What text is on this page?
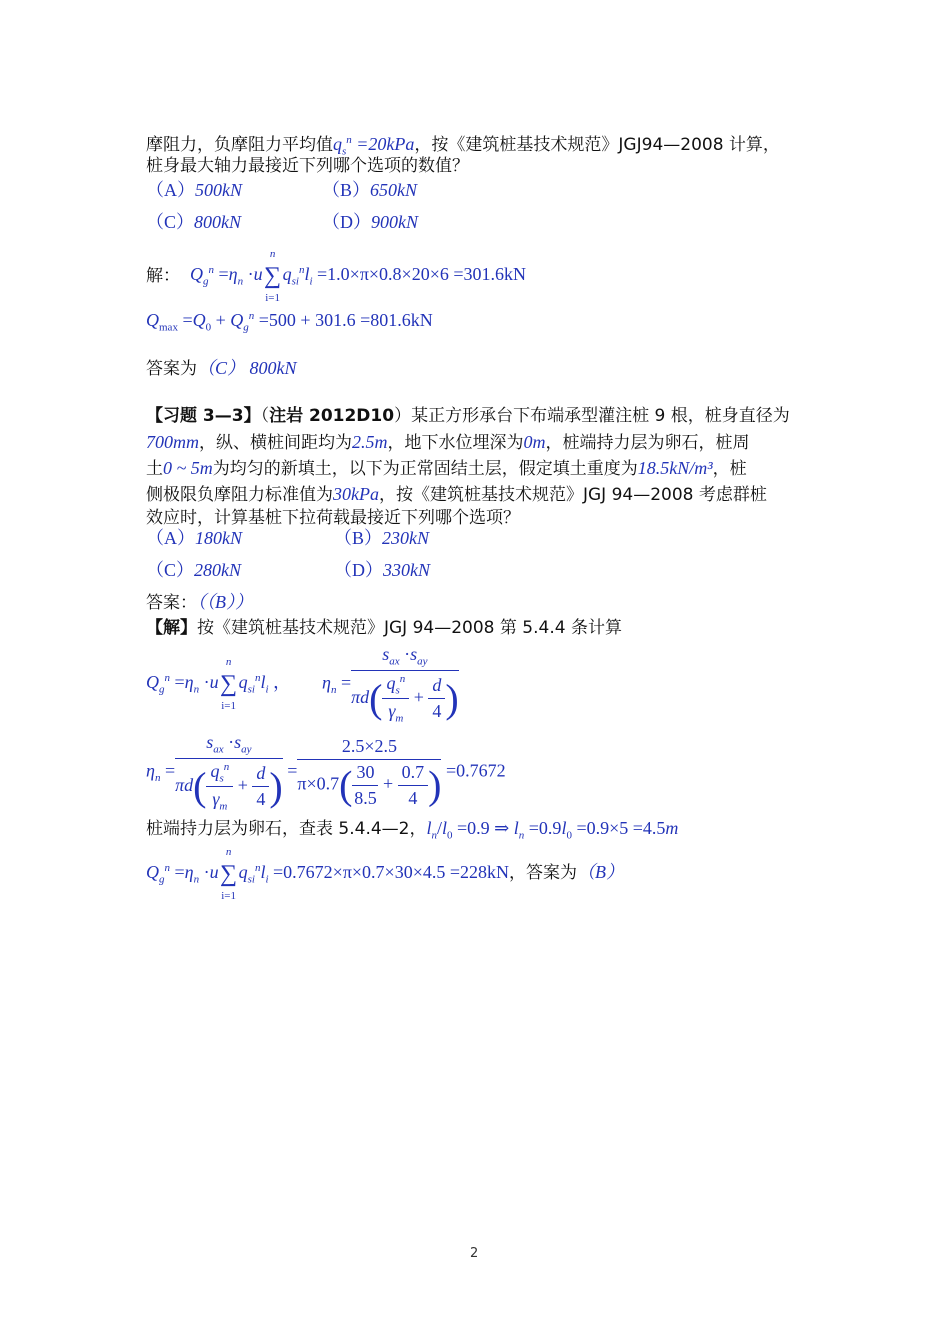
摩阻力，负摩阻力平均值$q_s^n =20kPa$，按《建筑桩基技术规范》JGJ94—2008 计算，
桩身最大轴力最接近下列哪个选项的数值？
（A）500kN	（B）650kN
（C）800kN	（D）900kN
解： $Q_g^n =\eta_n \cdot u$
n
∑
i=1
$q_{si}^nl_i =1.0\times\pi\times 0.8\times 20\times 6 =301.6kN$
$Q_{max} =Q_0 + Q_g^n =500 + 301.6 =801.6kN$
答案为（C） 800kN
【习题 3—3】（注岩 2012D10）某正方形承台下布端承型灌注桩 9 根，桩身直径为
700mm，纵、横桩间距均为2.5m，地下水位埋深为0m，桩端持力层为卵石，桩周
土0 ~ 5m为均匀的新填土，以下为正常固结土层，假定填土重度为18.5kN/m³，桩
侧极限负摩阻力标准值为30kPa，按《建筑桩基技术规范》JGJ 94—2008 考虑群桩
效应时，计算基桩下拉荷载最接近下列哪个选项？
（A）180kN	（B）230kN
（C）280kN	（D）330kN
答案：（（B））
【解】按《建筑桩基技术规范》JGJ 94—2008 第 5.4.4 条计算
$Q_g^n =\eta_n \cdot u$
n
∑
i=1
$q_{si}^nl_i$ ， $\eta_n = \frac{s_{ax} \cdot s_{ay}}{\pi d( \frac{q_s^n}{\gamma_m} + \frac{d}{4} )}$
$\eta_n = \frac{s_{ax} \cdot s_{ay}}{\pi d( \frac{q_s^n}{\gamma_m} + \frac{d}{4} )} = \frac{2.5\times 2.5}{\pi\times 0.7( \frac{30}{8.5} + \frac{0.7}{4} )} =0.7672$
桩端持力层为卵石，查表 5.4.4—2，$l_n/l_0 =0.9$ ⇒ $l_n =0.9l_0 =0.9\times 5 =4.5m$
$Q_g^n =\eta_n \cdot u$
n
∑
i=1
$q_{si}^nl_i =0.7672\times\pi\times 0.7\times 30\times 4.5 =228kN$，答案为（B）
2
